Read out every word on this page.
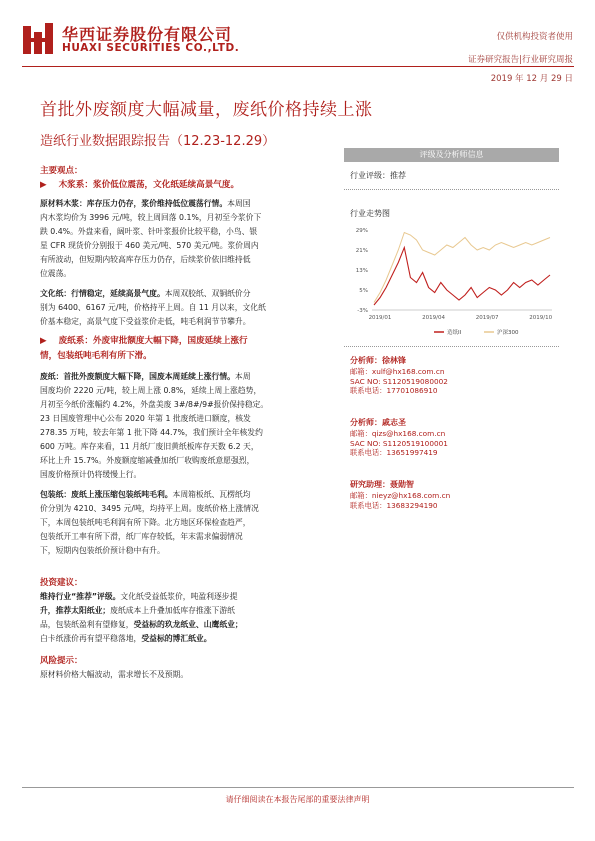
华西证券股份有限公司
HUAXI SECURITIES CO.,LTD.
仅供机构投资者使用
证券研究报告|行业研究周报
2019 年 12 月 29 日
首批外废额度大幅减量，废纸价格持续上涨
造纸行业数据跟踪报告（12.23-12.29）

主要观点：

▶ 木浆系：浆价低位震荡，文化纸延续高景气度。

原材料木浆：库存压力仍存，浆价维持低位震荡行情。本周国

内木浆均价为 3996 元/吨，较上周回落 0.1%，月初至今浆价下

跌 0.4%。外盘来看，阔叶浆、针叶浆报价比较平稳，小鸟、银

星 CFR 现货价分别报于 460 美元/吨、570 美元/吨。浆价周内

有所波动，但短期内较高库存压力仍存，后续浆价依旧维持低

位震荡。

文化纸：行情稳定，延续高景气度。本周双胶纸、双铜纸价分

别为 6400、6167 元/吨，价格持平上周。自 11 月以来，文化纸

价基本稳定，高景气度下受益浆价走低，吨毛利润节节攀升。

▶ 废纸系：外废审批额度大幅下降，国废延续上涨行

情，包装纸吨毛利有所下滑。

废纸：首批外废额度大幅下降，国废本周延续上涨行情。本周

国废均价 2220 元/吨，较上周上涨 0.8%，延续上周上涨趋势，

月初至今纸价涨幅约 4.2%，外盘美废 3#/8#/9#报价保持稳定。

23 日国废管理中心公布 2020 年第 1 批废纸进口额度，核发

278.35 万吨，较去年第 1 批下降 44.7%，我们预计全年核发约

600 万吨。库存来看，11 月纸厂废旧黄纸板库存天数 6.2 天，

环比上升 15.7%。外废额度缩减叠加纸厂收购废纸意愿强烈，

国废价格预计仍将缓慢上行。

包装纸：废纸上涨压缩包装纸吨毛利。本周箱板纸、瓦楞纸均

价分别为 4210、3495 元/吨，均持平上周。废纸价格上涨情况

下，本周包装纸吨毛利润有所下降。北方地区环保检查趋严，

包装纸开工率有所下滑，纸厂库存较低，年末需求偏弱情况

下，短期内包装纸价预计稳中有升。

投资建议：

维持行业“推荐”评级。文化纸受益低浆价，吨盈利逐步提

升，推荐太阳纸业；废纸成本上升叠加低库存推涨下游纸

品，包装纸盈利有望修复，受益标的玖龙纸业、山鹰纸业；

白卡纸涨价再有望平稳落地，受益标的博汇纸业。

风险提示：

原材料价格大幅波动，需求增长不及预期。

评级及分析师信息
行业评级：推荐
行业走势图
29%
21%
13%
5%
-3%
2019/01	2019/04	2019/07	2019/10
造纸II	沪深300
分析师：徐林锋
邮箱：xulf@hx168.com.cn
SAC NO: S1120519080002
联系电话：17701086910
分析师：戚志圣
邮箱：qizs@hx168.com.cn
SAC NO: S1120519100001
联系电话：13651997419
研究助理：聂勋智
邮箱：nieyz@hx168.com.cn
联系电话：13683294190
请仔细阅读在本报告尾部的重要法律声明
